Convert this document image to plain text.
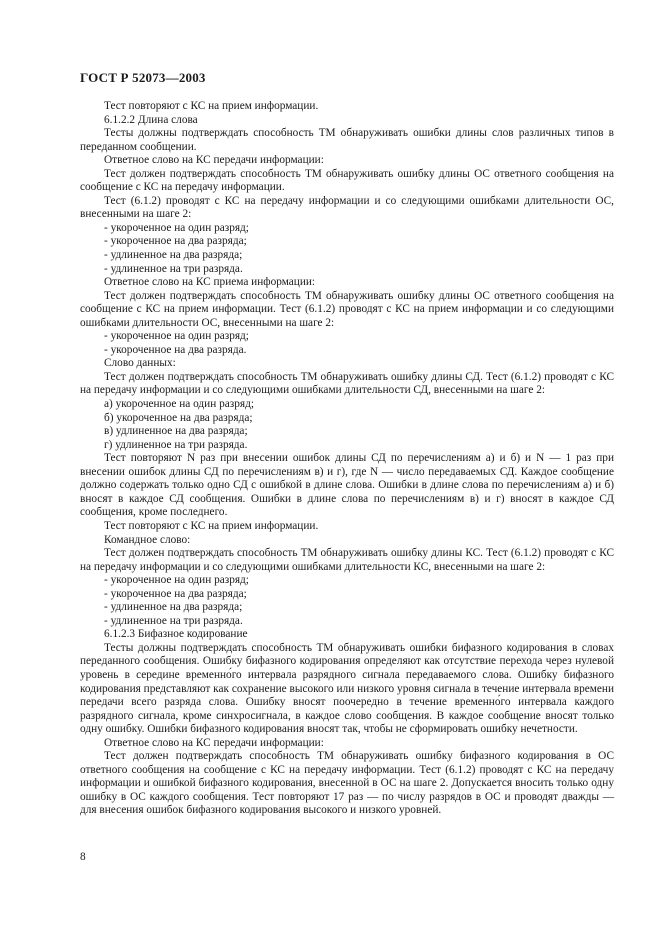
ГОСТ Р 52073—2003

Тест повторяют с КС на прием информации.

6.1.2.2 Длина слова

Тесты должны подтверждать способность ТМ обнаруживать ошибки длины слов различных типов в переданном сообщении.

Ответное слово на КС передачи информации:

Тест должен подтверждать способность ТМ обнаруживать ошибку длины ОС ответного сообщения на сообщение с КС на передачу информации.

Тест (6.1.2) проводят с КС на передачу информации и со следующими ошибками длительности ОС, внесенными на шаге 2:

- укороченное на один разряд;

- укороченное на два разряда;

- удлиненное на два разряда;

- удлиненное на три разряда.

Ответное слово на КС приема информации:

Тест должен подтверждать способность ТМ обнаруживать ошибку длины ОС ответного сообщения на сообщение с КС на прием информации. Тест (6.1.2) проводят с КС на прием информации и со следующими ошибками длительности ОС, внесенными на шаге 2:

- укороченное на один разряд;

- укороченное на два разряда.

Слово данных:

Тест должен подтверждать способность ТМ обнаруживать ошибку длины СД. Тест (6.1.2) проводят с КС на передачу информации и со следующими ошибками длительности СД, внесенными на шаге 2:

а) укороченное на один разряд;

б) укороченное на два разряда;

в) удлиненное на два разряда;

г) удлиненное на три разряда.

Тест повторяют N раз при внесении ошибок длины СД по перечислениям а) и б) и N — 1 раз при внесении ошибок длины СД по перечислениям в) и г), где N — число передаваемых СД. Каждое сообщение должно содержать только одно СД с ошибкой в длине слова. Ошибки в длине слова по перечислениям а) и б) вносят в каждое СД сообщения. Ошибки в длине слова по перечислениям в) и г) вносят в каждое СД сообщения, кроме последнего.

Тест повторяют с КС на прием информации.

Командное слово:

Тест должен подтверждать способность ТМ обнаруживать ошибку длины КС. Тест (6.1.2) проводят с КС на передачу информации и со следующими ошибками длительности КС, внесенными на шаге 2:

- укороченное на один разряд;

- укороченное на два разряда;

- удлиненное на два разряда;

- удлиненное на три разряда.

6.1.2.3 Бифазное кодирование

Тесты должны подтверждать способность ТМ обнаруживать ошибки бифазного кодирования в словах переданного сообщения. Ошибку бифазного кодирования определяют как отсутствие перехода через нулевой уровень в середине временно́го интервала разрядного сигнала передаваемого слова. Ошибку бифазного кодирования представляют как сохранение высокого или низкого уровня сигнала в течение интервала времени передачи всего разряда слова. Ошибку вносят поочередно в течение временно́го интервала каждого разрядного сигнала, кроме синхросигнала, в каждое слово сообщения. В каждое сообщение вносят только одну ошибку. Ошибки бифазного кодирования вносят так, чтобы не сформировать ошибку нечетности.

Ответное слово на КС передачи информации:

Тест должен подтверждать способность ТМ обнаруживать ошибку бифазного кодирования в ОС ответного сообщения на сообщение с КС на передачу информации. Тест (6.1.2) проводят с КС на передачу информации и ошибкой бифазного кодирования, внесенной в ОС на шаге 2. Допускается вносить только одну ошибку в ОС каждого сообщения. Тест повторяют 17 раз — по числу разрядов в ОС и проводят дважды — для внесения ошибок бифазного кодирования высокого и низкого уровней.

8
